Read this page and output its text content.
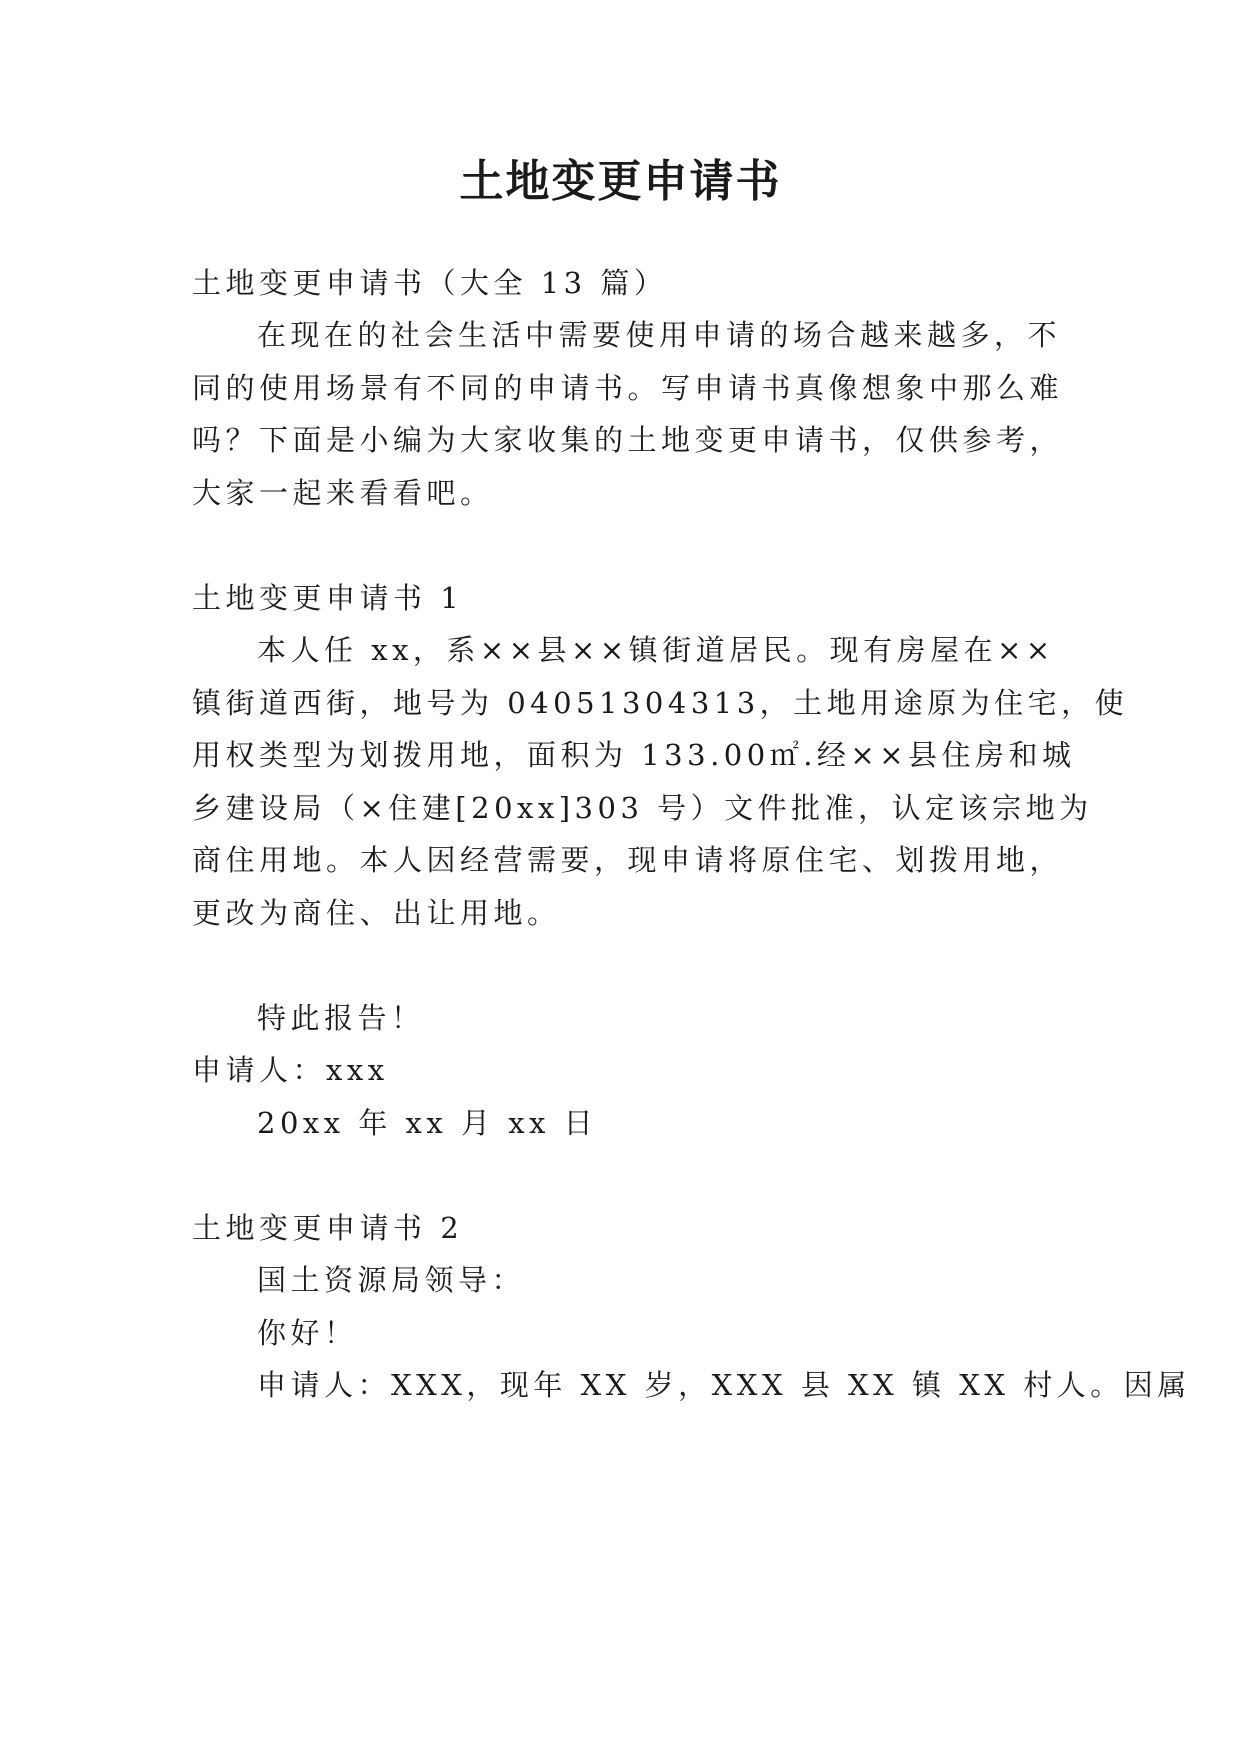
土地变更申请书
土地变更申请书（大全 13 篇）
在现在的社会生活中需要使用申请的场合越来越多，不
同的使用场景有不同的申请书。写申请书真像想象中那么难
吗？下面是小编为大家收集的土地变更申请书，仅供参考，
大家一起来看看吧。
土地变更申请书 1
本人任 xx，系××县××镇街道居民。现有房屋在××
镇街道西街，地号为 04051304313，土地用途原为住宅，使
用权类型为划拨用地，面积为 133.00㎡.经××县住房和城
乡建设局（×住建[20xx]303 号）文件批准，认定该宗地为
商住用地。本人因经营需要，现申请将原住宅、划拨用地，
更改为商住、出让用地。
特此报告！
申请人：xxx
20xx 年 xx 月 xx 日
土地变更申请书 2
国土资源局领导：
你好！
申请人：XXX，现年 XX 岁，XXX 县 XX 镇 XX 村人。因属
